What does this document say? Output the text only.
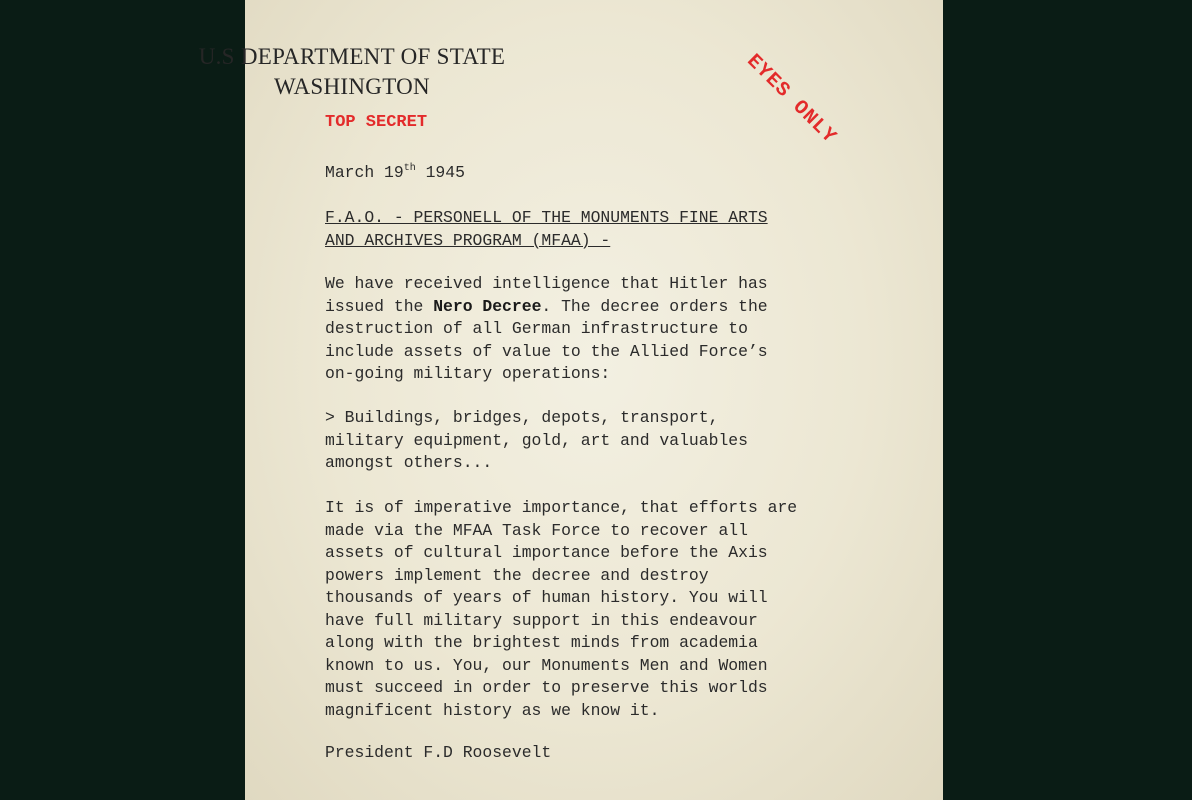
U.S DEPARTMENT OF STATE
WASHINGTON	EYES ONLY
TOP SECRET
March 19th 1945
F.A.O. - PERSONELL OF THE MONUMENTS FINE ARTS
AND ARCHIVES PROGRAM (MFAA) -
We have received intelligence that Hitler has
issued the Nero Decree. The decree orders the
destruction of all German infrastructure to
include assets of value to the Allied Force’s
on-going military operations:
> Buildings, bridges, depots, transport,
military equipment, gold, art and valuables
amongst others...
It is of imperative importance, that efforts are
made via the MFAA Task Force to recover all
assets of cultural importance before the Axis
powers implement the decree and destroy
thousands of years of human history. You will
have full military support in this endeavour
along with the brightest minds from academia
known to us. You, our Monuments Men and Women
must succeed in order to preserve this worlds
magnificent history as we know it.
President F.D Roosevelt
